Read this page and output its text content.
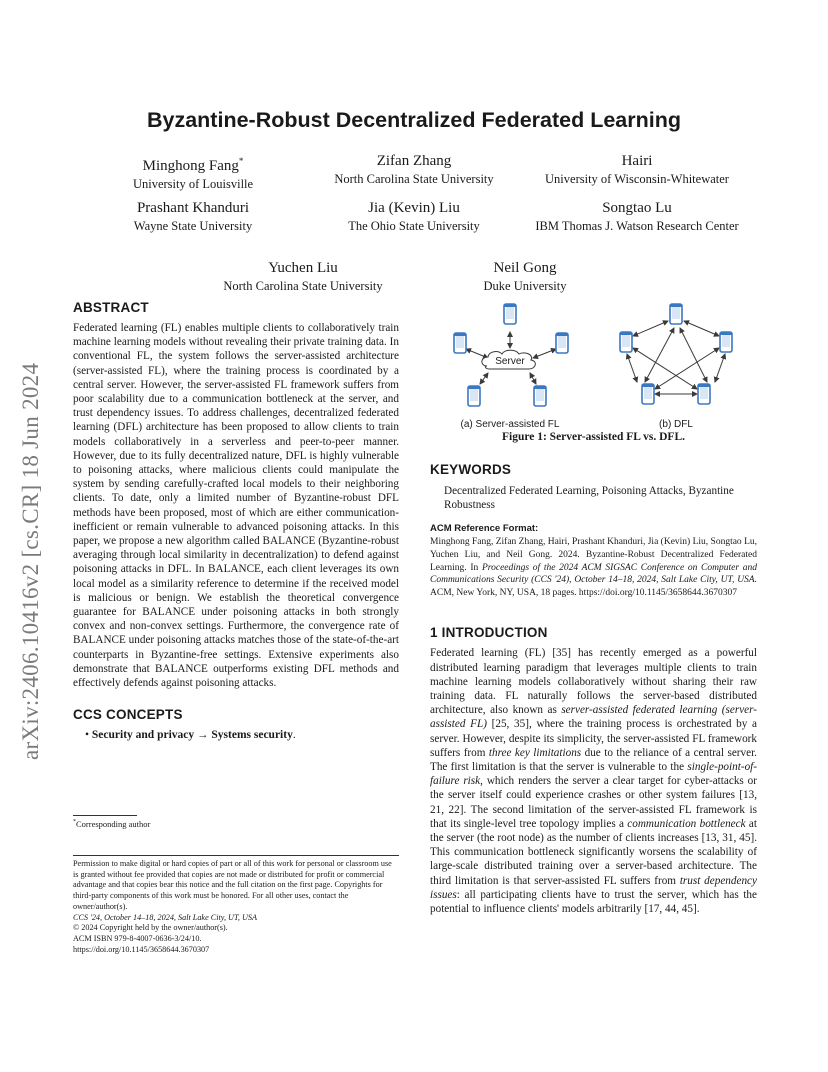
arXiv:2406.10416v2 [cs.CR] 18 Jun 2024
Byzantine-Robust Decentralized Federated Learning
Minghong Fang*
University of Louisville
Zifan Zhang
North Carolina State University
Hairi
University of Wisconsin-Whitewater
Prashant Khanduri
Wayne State University
Jia (Kevin) Liu
The Ohio State University
Songtao Lu
IBM Thomas J. Watson Research Center
Yuchen Liu
North Carolina State University
Neil Gong
Duke University
ABSTRACT

Federated learning (FL) enables multiple clients to collaboratively train machine learning models without revealing their private training data. In conventional FL, the system follows the server-assisted architecture (server-assisted FL), where the training process is coordinated by a central server. However, the server-assisted FL framework suffers from poor scalability due to a communication bottleneck at the server, and trust dependency issues. To address challenges, decentralized federated learning (DFL) architecture has been proposed to allow clients to train models collaboratively in a serverless and peer-to-peer manner. However, due to its fully decentralized nature, DFL is highly vulnerable to poisoning attacks, where malicious clients could manipulate the system by sending carefully-crafted local models to their neighboring clients. To date, only a limited number of Byzantine-robust DFL methods have been proposed, most of which are either communication-inefficient or remain vulnerable to advanced poisoning attacks. In this paper, we propose a new algorithm called BALANCE (Byzantine-robust averaging through local similarity in decentralization) to defend against poisoning attacks in DFL. In BALANCE, each client leverages its own local model as a similarity reference to determine if the received model is malicious or benign. We establish the theoretical convergence guarantee for BALANCE under poisoning attacks in both strongly convex and non-convex settings. Furthermore, the convergence rate of BALANCE under poisoning attacks matches those of the state-of-the-art counterparts in Byzantine-free settings. Extensive experiments also demonstrate that BALANCE outperforms existing DFL methods and effectively defends against poisoning attacks.

CCS CONCEPTS
• Security and privacy → Systems security.
*Corresponding author
Permission to make digital or hard copies of part or all of this work for personal or classroom use is granted without fee provided that copies are not made or distributed for profit or commercial advantage and that copies bear this notice and the full citation on the first page. Copyrights for third-party components of this work must be honored. For all other uses, contact the owner/author(s).
CCS '24, October 14–18, 2024, Salt Lake City, UT, USA
© 2024 Copyright held by the owner/author(s).
ACM ISBN 979-8-4007-0636-3/24/10.
https://doi.org/10.1145/3658644.3670307
Server
(a) Server-assisted FL	(b) DFL
Figure 1: Server-assisted FL vs. DFL.
KEYWORDS
Decentralized Federated Learning, Poisoning Attacks, Byzantine Robustness
ACM Reference Format:
Minghong Fang, Zifan Zhang, Hairi, Prashant Khanduri, Jia (Kevin) Liu, Songtao Lu, Yuchen Liu, and Neil Gong. 2024. Byzantine-Robust Decentralized Federated Learning. In Proceedings of the 2024 ACM SIGSAC Conference on Computer and Communications Security (CCS '24), October 14–18, 2024, Salt Lake City, UT, USA. ACM, New York, NY, USA, 18 pages. https://doi.org/10.1145/3658644.3670307
1 INTRODUCTION

Federated learning (FL) [35] has recently emerged as a powerful distributed learning paradigm that leverages multiple clients to train machine learning models collaboratively without sharing their raw training data. FL naturally follows the server-based distributed architecture, also known as server-assisted federated learning (server-assisted FL) [25, 35], where the training process is orchestrated by a server. However, despite its simplicity, the server-assisted FL framework suffers from three key limitations due to the reliance of a central server. The first limitation is that the server is vulnerable to the single-point-of-failure risk, which renders the server a clear target for cyber-attacks or the server itself could experience crashes or other system failures [13, 21, 22]. The second limitation of the server-assisted FL framework is that its single-level tree topology implies a communication bottleneck at the server (the root node) as the number of clients increases [13, 31, 45]. This communication bottleneck significantly worsens the scalability of large-scale distributed training over a server-based architecture. The third limitation is that server-assisted FL suffers from trust dependency issues: all participating clients have to trust the server, which has the potential to influence clients' models arbitrarily [17, 44, 45].
